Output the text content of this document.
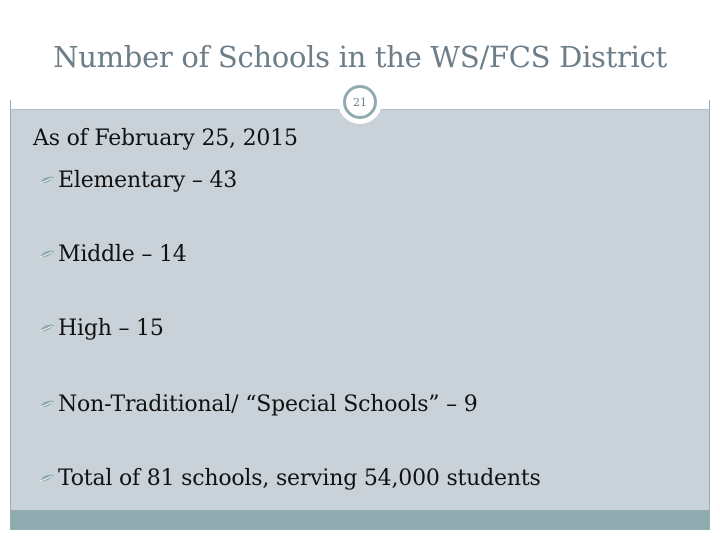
Number of Schools in the WS/FCS District
21
As of February 25, 2015
Elementary – 43
Middle – 14
High – 15
Non-Traditional/ “Special Schools” – 9
Total of 81 schools, serving 54,000 students
